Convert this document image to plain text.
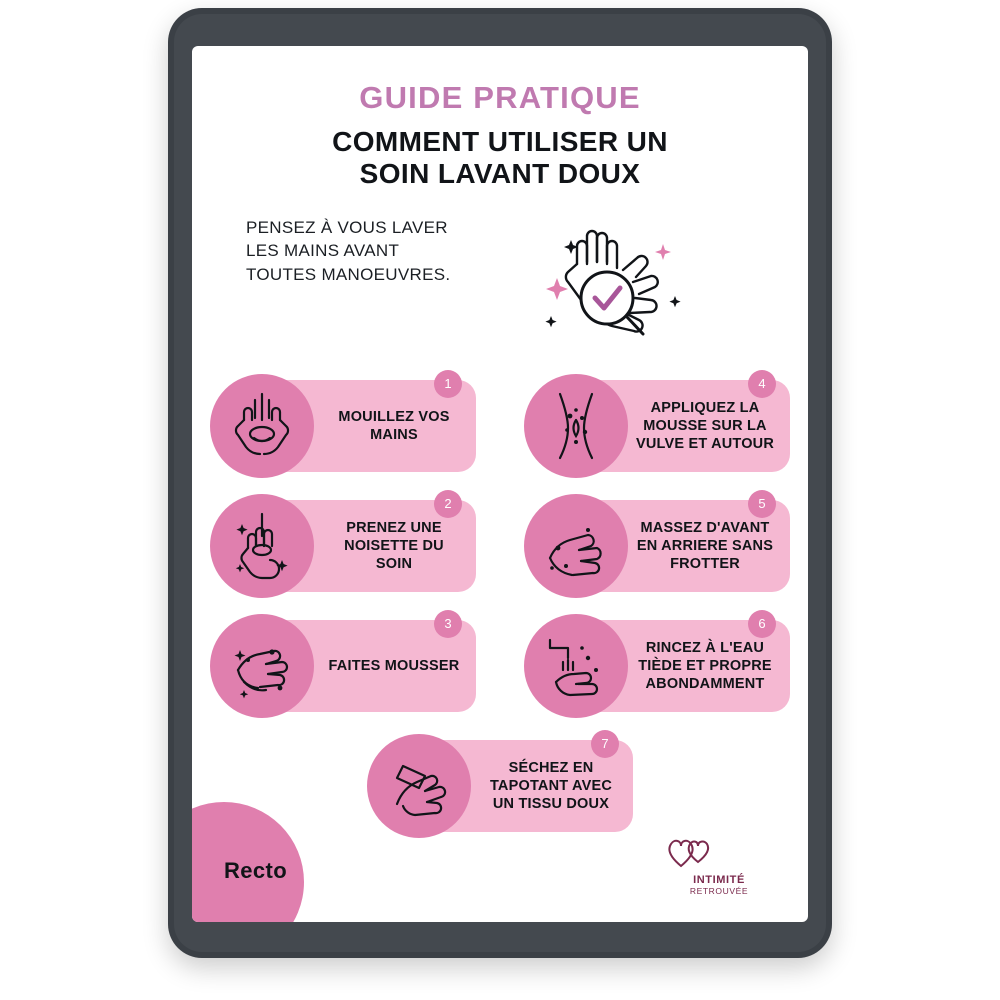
GUIDE PRATIQUE
COMMENT UTILISER UN
SOIN LAVANT DOUX
PENSEZ À VOUS LAVER LES MAINS AVANT TOUTES MANOEUVRES.
MOUILLEZ VOS MAINS
1
APPLIQUEZ LA MOUSSE SUR LA VULVE ET AUTOUR
4
PRENEZ UNE NOISETTE DU SOIN
2
MASSEZ D'AVANT EN ARRIERE SANS FROTTER
5
FAITES MOUSSER
3
RINCEZ À L'EAU TIÈDE ET PROPRE ABONDAMMENT
6
SÉCHEZ EN TAPOTANT AVEC UN TISSU DOUX
7
Recto	INTIMITÉ
RETROUVÉE
